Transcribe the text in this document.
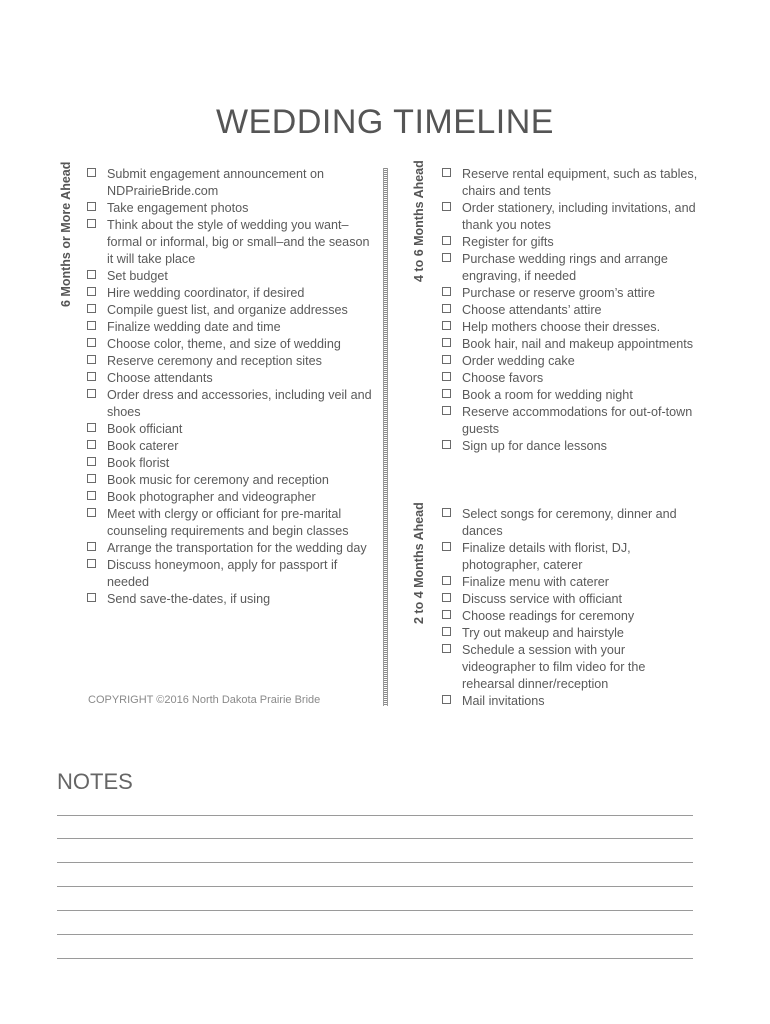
WEDDING TIMELINE
6 Months or More Ahead	Submit engagement announcement on NDPrairieBride.com
Take engagement photos
Think about the style of wedding you want–formal or informal, big or small–and the season it will take place
Set budget
Hire wedding coordinator, if desired
Compile guest list, and organize addresses
Finalize wedding date and time
Choose color, theme, and size of wedding
Reserve ceremony and reception sites
Choose attendants
Order dress and accessories, including veil and shoes
Book officiant
Book caterer
Book florist
Book music for ceremony and reception
Book photographer and videographer
Meet with clergy or officiant for pre-marital counseling requirements and begin classes
Arrange the transportation for the wedding day
Discuss honeymoon, apply for passport if needed
Send save-the-dates, if using
4 to 6 Months Ahead	Reserve rental equipment, such as tables, chairs and tents
Order stationery, including invitations, and thank you notes
Register for gifts
Purchase wedding rings and arrange engraving, if needed
Purchase or reserve groom’s attire
Choose attendants’ attire
Help mothers choose their dresses.
Book hair, nail and makeup appointments
Order wedding cake
Choose favors
Book a room for wedding night
Reserve accommodations for out-of-town guests
Sign up for dance lessons
2 to 4 Months Ahead	Select songs for ceremony, dinner and dances
Finalize details with florist, DJ, photographer, caterer
Finalize menu with caterer
Discuss service with officiant
Choose readings for ceremony
Try out makeup and hairstyle
Schedule a session with your videographer to film video for the rehearsal dinner/reception
Mail invitations
COPYRIGHT ©2016 North Dakota Prairie Bride
NOTES
